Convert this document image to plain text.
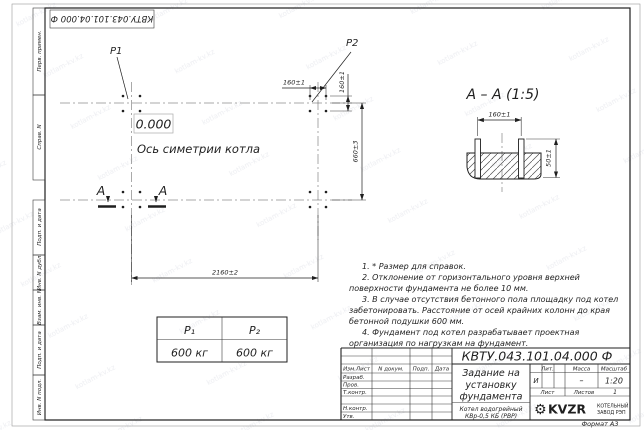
Перв. примен.
Справ. N
Подп. и дата
Инв. N дубл.
Взам. инв. N
Подп. и дата
Инв. N подл.
КВТУ.043.101.04.000 Ф
P1
P2
0.000
Ось симетрии котла
160±1	160±1
660±3
2160±2
A	A
A – A (1:5)
160±1
50±1
P₁	P₂
600 кг	600 кг
Изм.Лист N докум. Подп. Дата
Разраб.
Пров.
Т.контр.
Н.контр.
Утв.
КВТУ.043.101.04.000 Ф
Задание на
установку
фундамента
Котел водогрейный
КВр-0,5 КБ (РВР)
Лит.	Масса Масштаб
И	–	1:20
Лист	Листов	1
⚙ KVZR КОТЕЛЬНЫЙ
ЗАВОД РЭП
Формат А3

1. * Размер для справок.

2. Отклонение от горизонтального уровня верхней поверхности фундамента не более 10 мм.

3. В случае отсутствия бетонного пола площадку под котел забетонировать. Расстояние от осей крайних колонн до края бетонной подушки 600 мм.

4. Фундамент под котел разрабатывает проектная организация по нагрузкам на фундамент.
